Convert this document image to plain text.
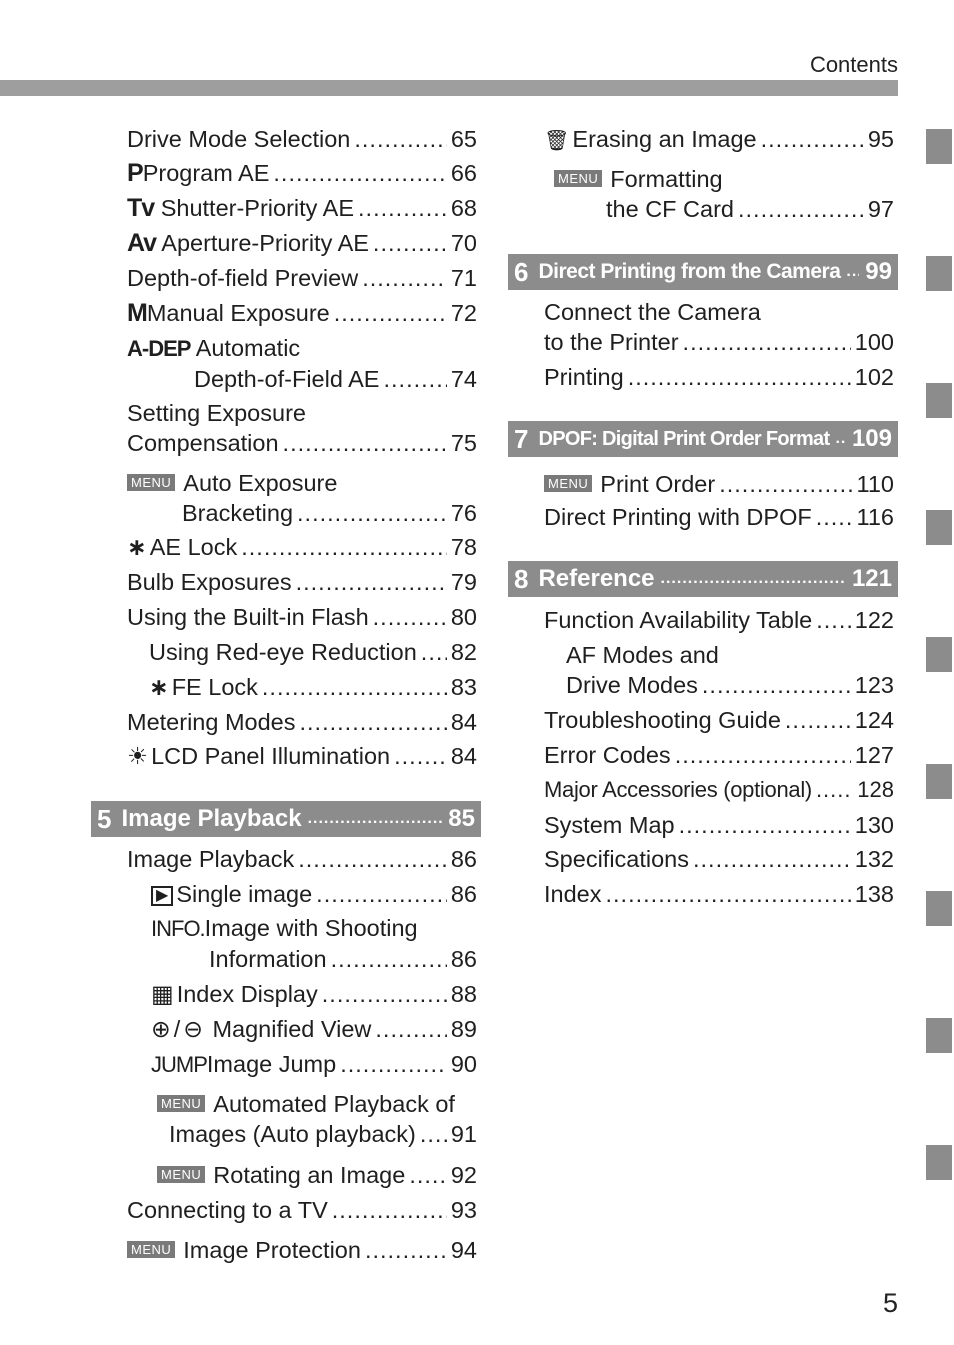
Contents
Drive Mode Selection .....	65
PProgram AE .....	66
Tv Shutter-Priority AE .....	68
Av Aperture-Priority AE .....	70
Depth-of-field Preview .....	71
MManual Exposure .....	72
A-DEP Automatic
Depth-of-Field AE .....	74
Setting Exposure
Compensation .....	75
MENU Auto Exposure
Bracketing .....	76
∗ AE Lock .....	78
Bulb Exposures .....	79
Using the Built-in Flash .....	80
Using Red-eye Reduction ..... 82
∗ FE Lock .....	83
Metering Modes .....	84
☀ LCD Panel Illumination .....	84
5 Image Playback .....	85
Image Playback .....	86
▶ Single image .....	86
INFO.Image with Shooting
Information .....	86
▦ Index Display .....	88
⊕ / ⊖ Magnified View .....	89
JUMPImage Jump .....	90
MENU Automated Playback of
Images (Auto playback) ..... 91
MENU Rotating an Image ..... 92
Connecting to a TV .....	93
MENU Image Protection .....	94
🗑 Erasing an Image .....	95
MENU Formatting
the CF Card .....	97
6 Direct Printing from the Camera ..... 99
Connect the Camera
to the Printer .....	100
Printing .....	102
7 DPOF: Digital Print Order Format ..... 109
MENU Print Order .....	110
Direct Printing with DPOF ..... 116
8 Reference .....	121
Function Availability Table ..... 122
AF Modes and
Drive Modes .....	123
Troubleshooting Guide .....	124
Error Codes .....	127
Major Accessories (optional) ..... 128
System Map .....	130
Specifications .....	132
Index .....	138
5
